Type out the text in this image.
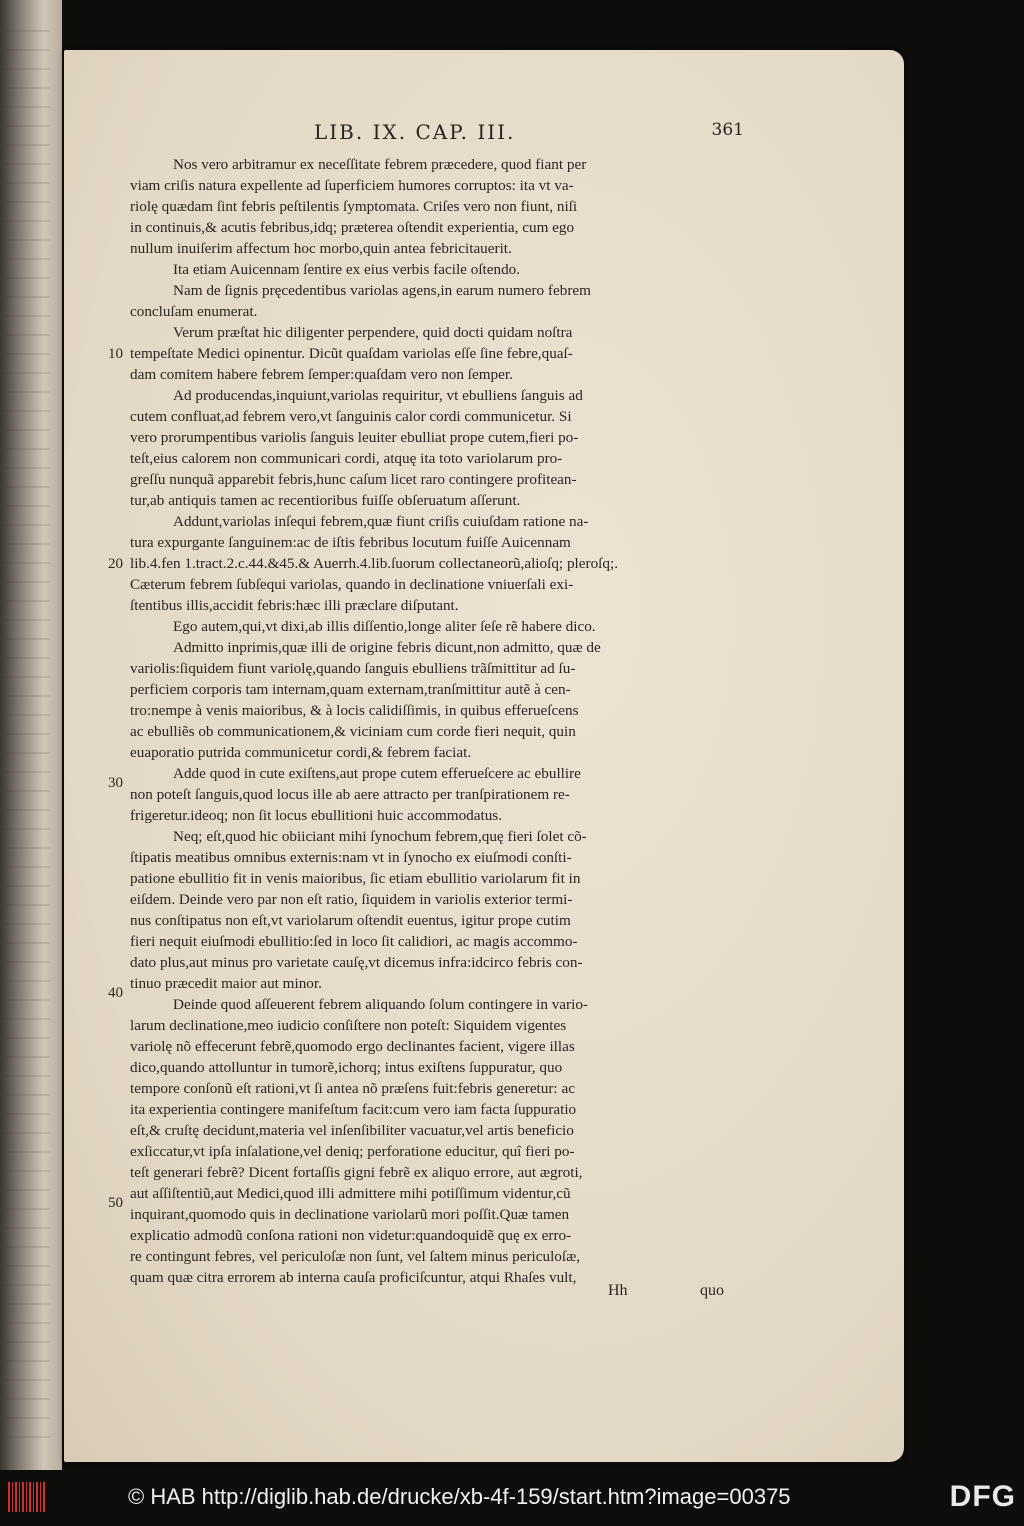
LIB. IX. CAP. III.	361
Nos vero arbitramur ex neceſſitate febrem præcedere, quod fiant per
viam criſis natura expellente ad ſuperficiem humores corruptos: ita vt va-
riolę quædam ſint febris peſtilentis ſymptomata. Criſes vero non fiunt, niſi
in continuis,& acutis febribus,idq; præterea oſtendit experientia, cum ego
nullum inuiſerim affectum hoc morbo,quin antea febricitauerit.
Ita etiam Auicennam ſentire ex eius verbis facile oſtendo.
Nam de ſignis pręcedentibus variolas agens,in earum numero febrem
concluſam enumerat.
Verum præſtat hic diligenter perpendere, quid docti quidam noſtra
tempeſtate Medici opinentur. Dicũt quaſdam variolas eſſe ſine febre,quaſ-
dam comitem habere febrem ſemper:quaſdam vero non ſemper.
Ad producendas,inquiunt,variolas requiritur, vt ebulliens ſanguis ad
cutem confluat,ad febrem vero,vt ſanguinis calor cordi communicetur. Si
vero prorumpentibus variolis ſanguis leuiter ebulliat prope cutem,fieri po-
teſt,eius calorem non communicari cordi, atquę ita toto variolarum pro-
greſſu nunquã apparebit febris,hunc caſum licet raro contingere profitean-
tur,ab antiquis tamen ac recentioribus fuiſſe obſeruatum aſſerunt.
Addunt,variolas inſequi febrem,quæ fiunt criſis cuiuſdam ratione na-
tura expurgante ſanguinem:ac de iſtis febribus locutum fuiſſe Auicennam
lib.4.fen 1.tract.2.c.44.&45.& Auerrh.4.lib.ſuorum collectaneorũ,alioſq; pleroſq;.
Cæterum febrem ſubſequi variolas, quando in declinatione vniuerſali exi-
ſtentibus illis,accidit febris:hæc illi præclare diſputant.
Ego autem,qui,vt dixi,ab illis diſſentio,longe aliter ſeſe rẽ habere dico.
Admitto inprimis,quæ illi de origine febris dicunt,non admitto, quæ de
variolis:ſiquidem fiunt variolę,quando ſanguis ebulliens trãſmittitur ad ſu-
perficiem corporis tam internam,quam externam,tranſmittitur autẽ à cen-
tro:nempe à venis maioribus, & à locis calidiſſimis, in quibus efferueſcens
ac ebulliẽs ob communicationem,& viciniam cum corde fieri nequit, quin
euaporatio putrida communicetur cordi,& febrem faciat.
Adde quod in cute exiſtens,aut prope cutem efferueſcere ac ebullire
non poteſt ſanguis,quod locus ille ab aere attracto per tranſpirationem re-
frigeretur.ideoq; non ſit locus ebullitioni huic accommodatus.
Neq; eſt,quod hic obiiciant mihi ſynochum febrem,quę fieri ſolet cõ-
ſtipatis meatibus omnibus externis:nam vt in ſynocho ex eiuſmodi conſti-
patione ebullitio fit in venis maioribus, ſic etiam ebullitio variolarum fit in
eiſdem. Deinde vero par non eſt ratio, ſiquidem in variolis exterior termi-
nus conſtipatus non eſt,vt variolarum oſtendit euentus, igitur prope cutim
fieri nequit eiuſmodi ebullitio:ſed in loco ſit calidiori, ac magis accommo-
dato plus,aut minus pro varietate cauſę,vt dicemus infra:idcirco febris con-
tinuo præcedit maior aut minor.
Deinde quod aſſeuerent febrem aliquando ſolum contingere in vario-
larum declinatione,meo iudicio conſiſtere non poteſt: Siquidem vigentes
variolę nõ effecerunt febrẽ,quomodo ergo declinantes facient, vigere illas
dico,quando attolluntur in tumorẽ,ichorq; intus exiſtens ſuppuratur, quo
tempore conſonũ eſt rationi,vt ſi antea nõ præſens fuit:febris generetur: ac
ita experientia contingere manifeſtum facit:cum vero iam facta ſuppuratio
eſt,& cruſtę decidunt,materia vel inſenſibiliter vacuatur,vel artis beneficio
exſiccatur,vt ipſa inſalatione,vel deniq; perforatione educitur, quî fieri po-
teſt generari febrẽ? Dicent fortaſſis gigni febrẽ ex aliquo errore, aut ægroti,
aut aſſiſtentiũ,aut Medici,quod illi admittere mihi potiſſimum videntur,cũ
inquirant,quomodo quis in declinatione variolarũ mori poſſit.Quæ tamen
explicatio admodũ conſona rationi non videtur:quandoquidẽ quę ex erro-
re contingunt febres, vel periculoſæ non ſunt, vel ſaltem minus periculoſæ,
quam quæ citra errorem ab interna cauſa proficiſcuntur, atqui Rhaſes vult,
10
20
30
40
50
Hh	quo
© HAB http://diglib.hab.de/drucke/xb-4f-159/start.htm?image=00375	DFG
